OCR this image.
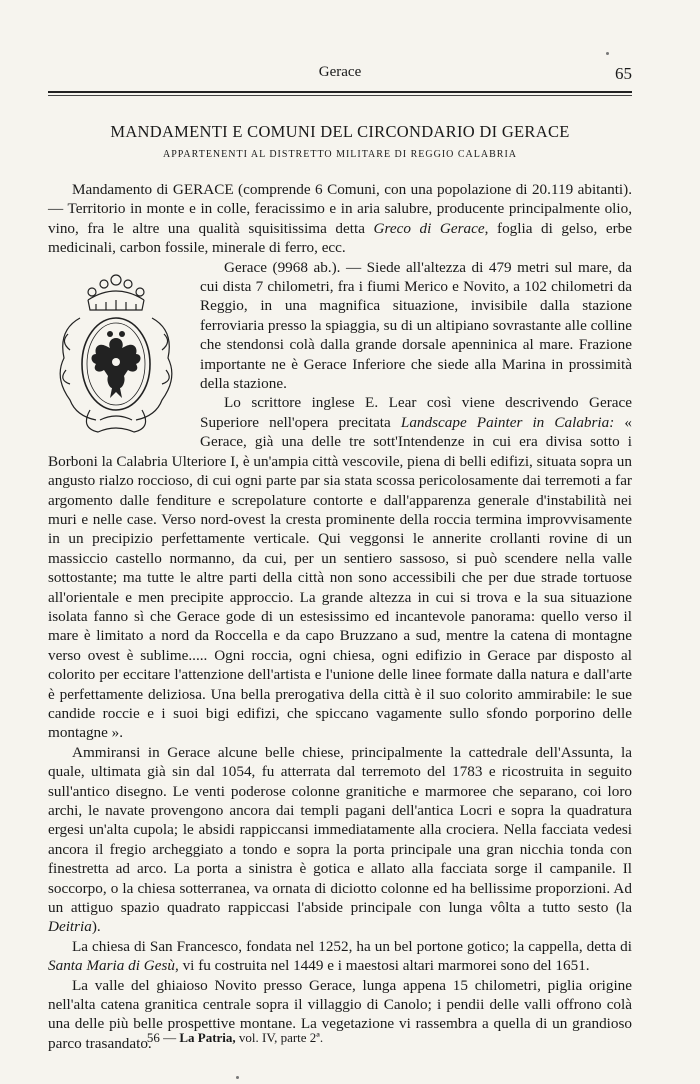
Gerace	65
MANDAMENTI E COMUNI DEL CIRCONDARIO DI GERACE
APPARTENENTI AL DISTRETTO MILITARE DI REGGIO CALABRIA

Mandamento di GERACE (comprende 6 Comuni, con una popolazione di 20.119 abitanti). — Territorio in monte e in colle, feracissimo e in aria salubre, producente principalmente olio, vino, fra le altre una qualità squisitissima detta Greco di Gerace, foglia di gelso, erbe medicinali, carbon fossile, minerale di ferro, ecc.

Gerace (9968 ab.). — Siede all'altezza di 479 metri sul mare, da cui dista 7 chilometri, fra i fiumi Merico e Novito, a 102 chilometri da Reggio, in una magnifica situazione, invisibile dalla stazione ferroviaria presso la spiaggia, su di un altipiano sovrastante alle colline che stendonsi colà dalla grande dorsale apenninica al mare. Frazione importante ne è Gerace Inferiore che siede alla Marina in prossimità della stazione.

Lo scrittore inglese E. Lear così viene descrivendo Gerace Superiore nell'opera precitata Landscape Painter in Calabria: « Gerace, già una delle tre sott'Intendenze in cui era divisa sotto i Borboni la Calabria Ulteriore I, è un'ampia città vescovile, piena di belli edifizi, situata sopra un angusto rialzo roccioso, di cui ogni parte par sia stata scossa pericolosamente dai terremoti a far argomento dalle fenditure e screpolature contorte e dall'apparenza generale d'instabilità nei muri e nelle case. Verso nord-ovest la cresta prominente della roccia termina improvvisamente in un precipizio perfettamente verticale. Qui veggonsi le annerite crollanti rovine di un massiccio castello normanno, da cui, per un sentiero sassoso, si può scendere nella valle sottostante; ma tutte le altre parti della città non sono accessibili che per due strade tortuose all'orientale e men precipite approccio. La grande altezza in cui si trova e la sua situazione isolata fanno sì che Gerace gode di un estesissimo ed incantevole panorama: quello verso il mare è limitato a nord da Roccella e da capo Bruzzano a sud, mentre la catena di montagne verso ovest è sublime..... Ogni roccia, ogni chiesa, ogni edifizio in Gerace par disposto al colorito per eccitare l'attenzione dell'artista e l'unione delle linee formate dalla natura e dall'arte è perfettamente deliziosa. Una bella prerogativa della città è il suo colorito ammirabile: le sue candide roccie e i suoi bigi edifizi, che spiccano vagamente sullo sfondo porporino delle montagne ».

Ammiransi in Gerace alcune belle chiese, principalmente la cattedrale dell'Assunta, la quale, ultimata già sin dal 1054, fu atterrata dal terremoto del 1783 e ricostruita in seguito sull'antico disegno. Le venti poderose colonne granitiche e marmoree che separano, coi loro archi, le navate provengono ancora dai templi pagani dell'antica Locri e sopra la quadratura ergesi un'alta cupola; le absidi rappiccansi immediatamente alla crociera. Nella facciata vedesi ancora il fregio archeggiato a tondo e sopra la porta principale una gran nicchia tonda con finestretta ad arco. La porta a sinistra è gotica e allato alla facciata sorge il campanile. Il soccorpo, o la chiesa sotterranea, va ornata di diciotto colonne ed ha bellissime proporzioni. Ad un attiguo spazio quadrato rappiccasi l'abside principale con lunga vôlta a tutto sesto (la Deitria).

La chiesa di San Francesco, fondata nel 1252, ha un bel portone gotico; la cappella, detta di Santa Maria di Gesù, vi fu costruita nel 1449 e i maestosi altari marmorei sono del 1651.

La valle del ghiaioso Novito presso Gerace, lunga appena 15 chilometri, piglia origine nell'alta catena granitica centrale sopra il villaggio di Canolo; i pendii delle valli offrono colà una delle più belle prospettive montane. La vegetazione vi rassembra a quella di un grandioso parco trasandato.

56 — La Patria, vol. IV, parte 2ª.
